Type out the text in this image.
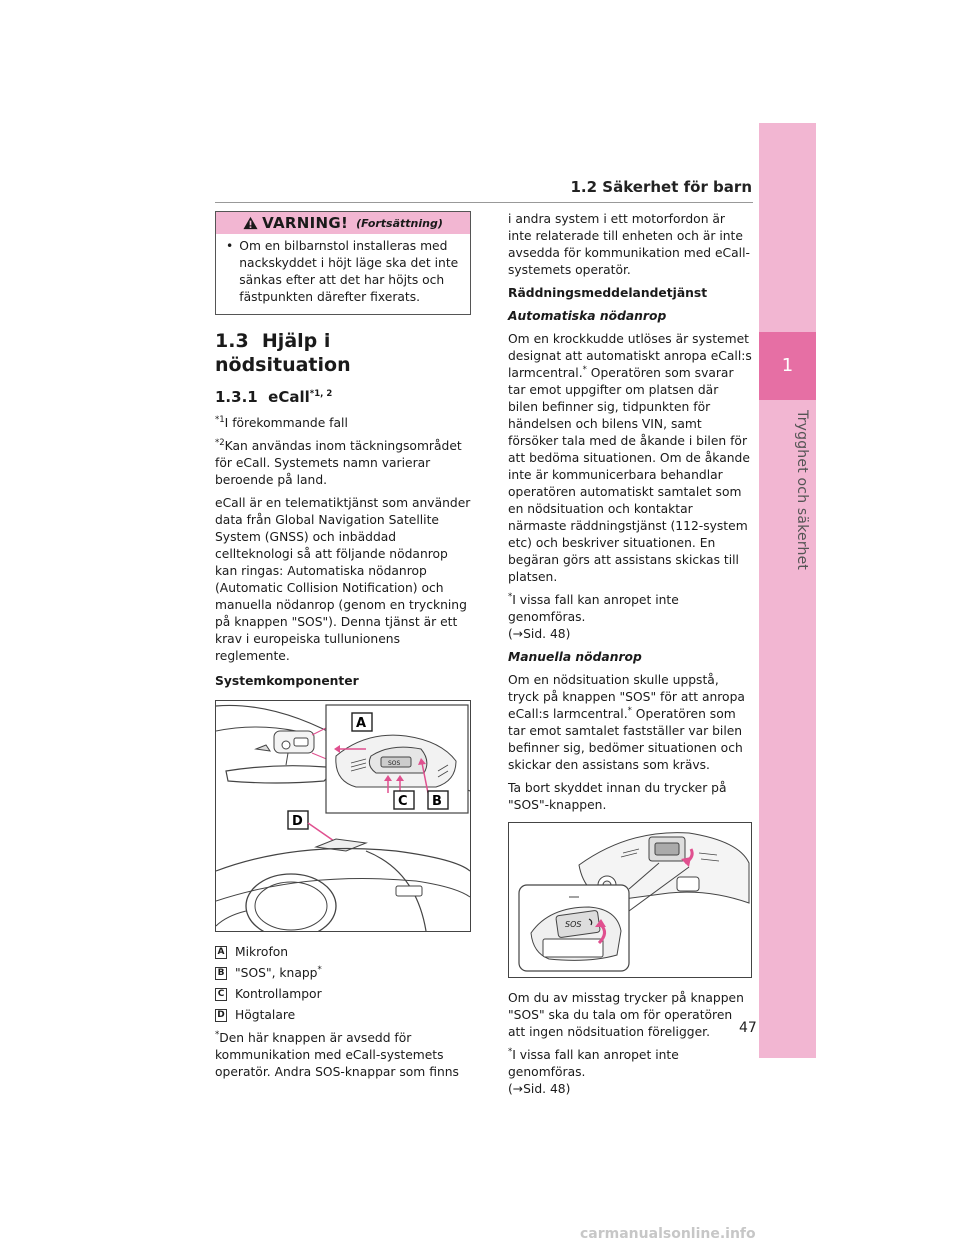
1
Trygghet och säkerhet
1.2 Säkerhet för barn
VARNING! (Fortsättning)
• Om en bilbarnstol installeras med nackskyddet i höjt läge ska det inte sänkas efter att det har höjts och fästpunkten därefter fixerats.
1.3 Hjälp i nödsituation
1.3.1 eCall$^{*1, 2}$
$^{*1}$I förekommande fall
$^{*2}$Kan användas inom täckningsområdet för eCall. Systemets namn varierar beroende på land.
eCall är en telematiktjänst som använder data från Global Navigation Satellite System (GNSS) och inbäddad cellteknologi så att följande nödanrop kan ringas: Automatiska nödanrop (Automatic Collision Notification) och manuella nödanrop (genom en tryckning på knappen "SOS"). Denna tjänst är ett krav i europeiska tullunionens reglemente.
Systemkomponenter
SOS
A
C B
D
A Mikrofon
B "SOS", knapp*
C Kontrollampor
D Högtalare
*Den här knappen är avsedd för kommunikation med eCall-systemets operatör. Andra SOS-knappar som finns
i andra system i ett motorfordon är inte relaterade till enheten och är inte avsedda för kommunikation med eCall-systemets operatör.
Räddningsmeddelandetjänst
Automatiska nödanrop
Om en krockkudde utlöses är systemet designat att automatiskt anropa eCall:s larmcentral.* Operatören som svarar tar emot uppgifter om platsen där bilen befinner sig, tidpunkten för händelsen och bilens VIN, samt försöker tala med de åkande i bilen för att bedöma situationen. Om de åkande inte är kommunicerbara behandlar operatören automatiskt samtalet som en nödsituation och kontaktar närmaste räddningstjänst (112-system etc) och beskriver situationen. En begäran görs att assistans skickas till platsen.
*I vissa fall kan anropet inte genomföras.
(→Sid. 48)
Manuella nödanrop
Om en nödsituation skulle uppstå, tryck på knappen "SOS" för att anropa eCall:s larmcentral.* Operatören som tar emot samtalet fastställer var bilen befinner sig, bedömer situationen och skickar den assistans som krävs.
Ta bort skyddet innan du trycker på "SOS"-knappen.
SOS
Om du av misstag trycker på knappen "SOS" ska du tala om för operatören att ingen nödsituation föreligger.
*I vissa fall kan anropet inte genomföras.
(→Sid. 48)
47
carmanualsonline.info
